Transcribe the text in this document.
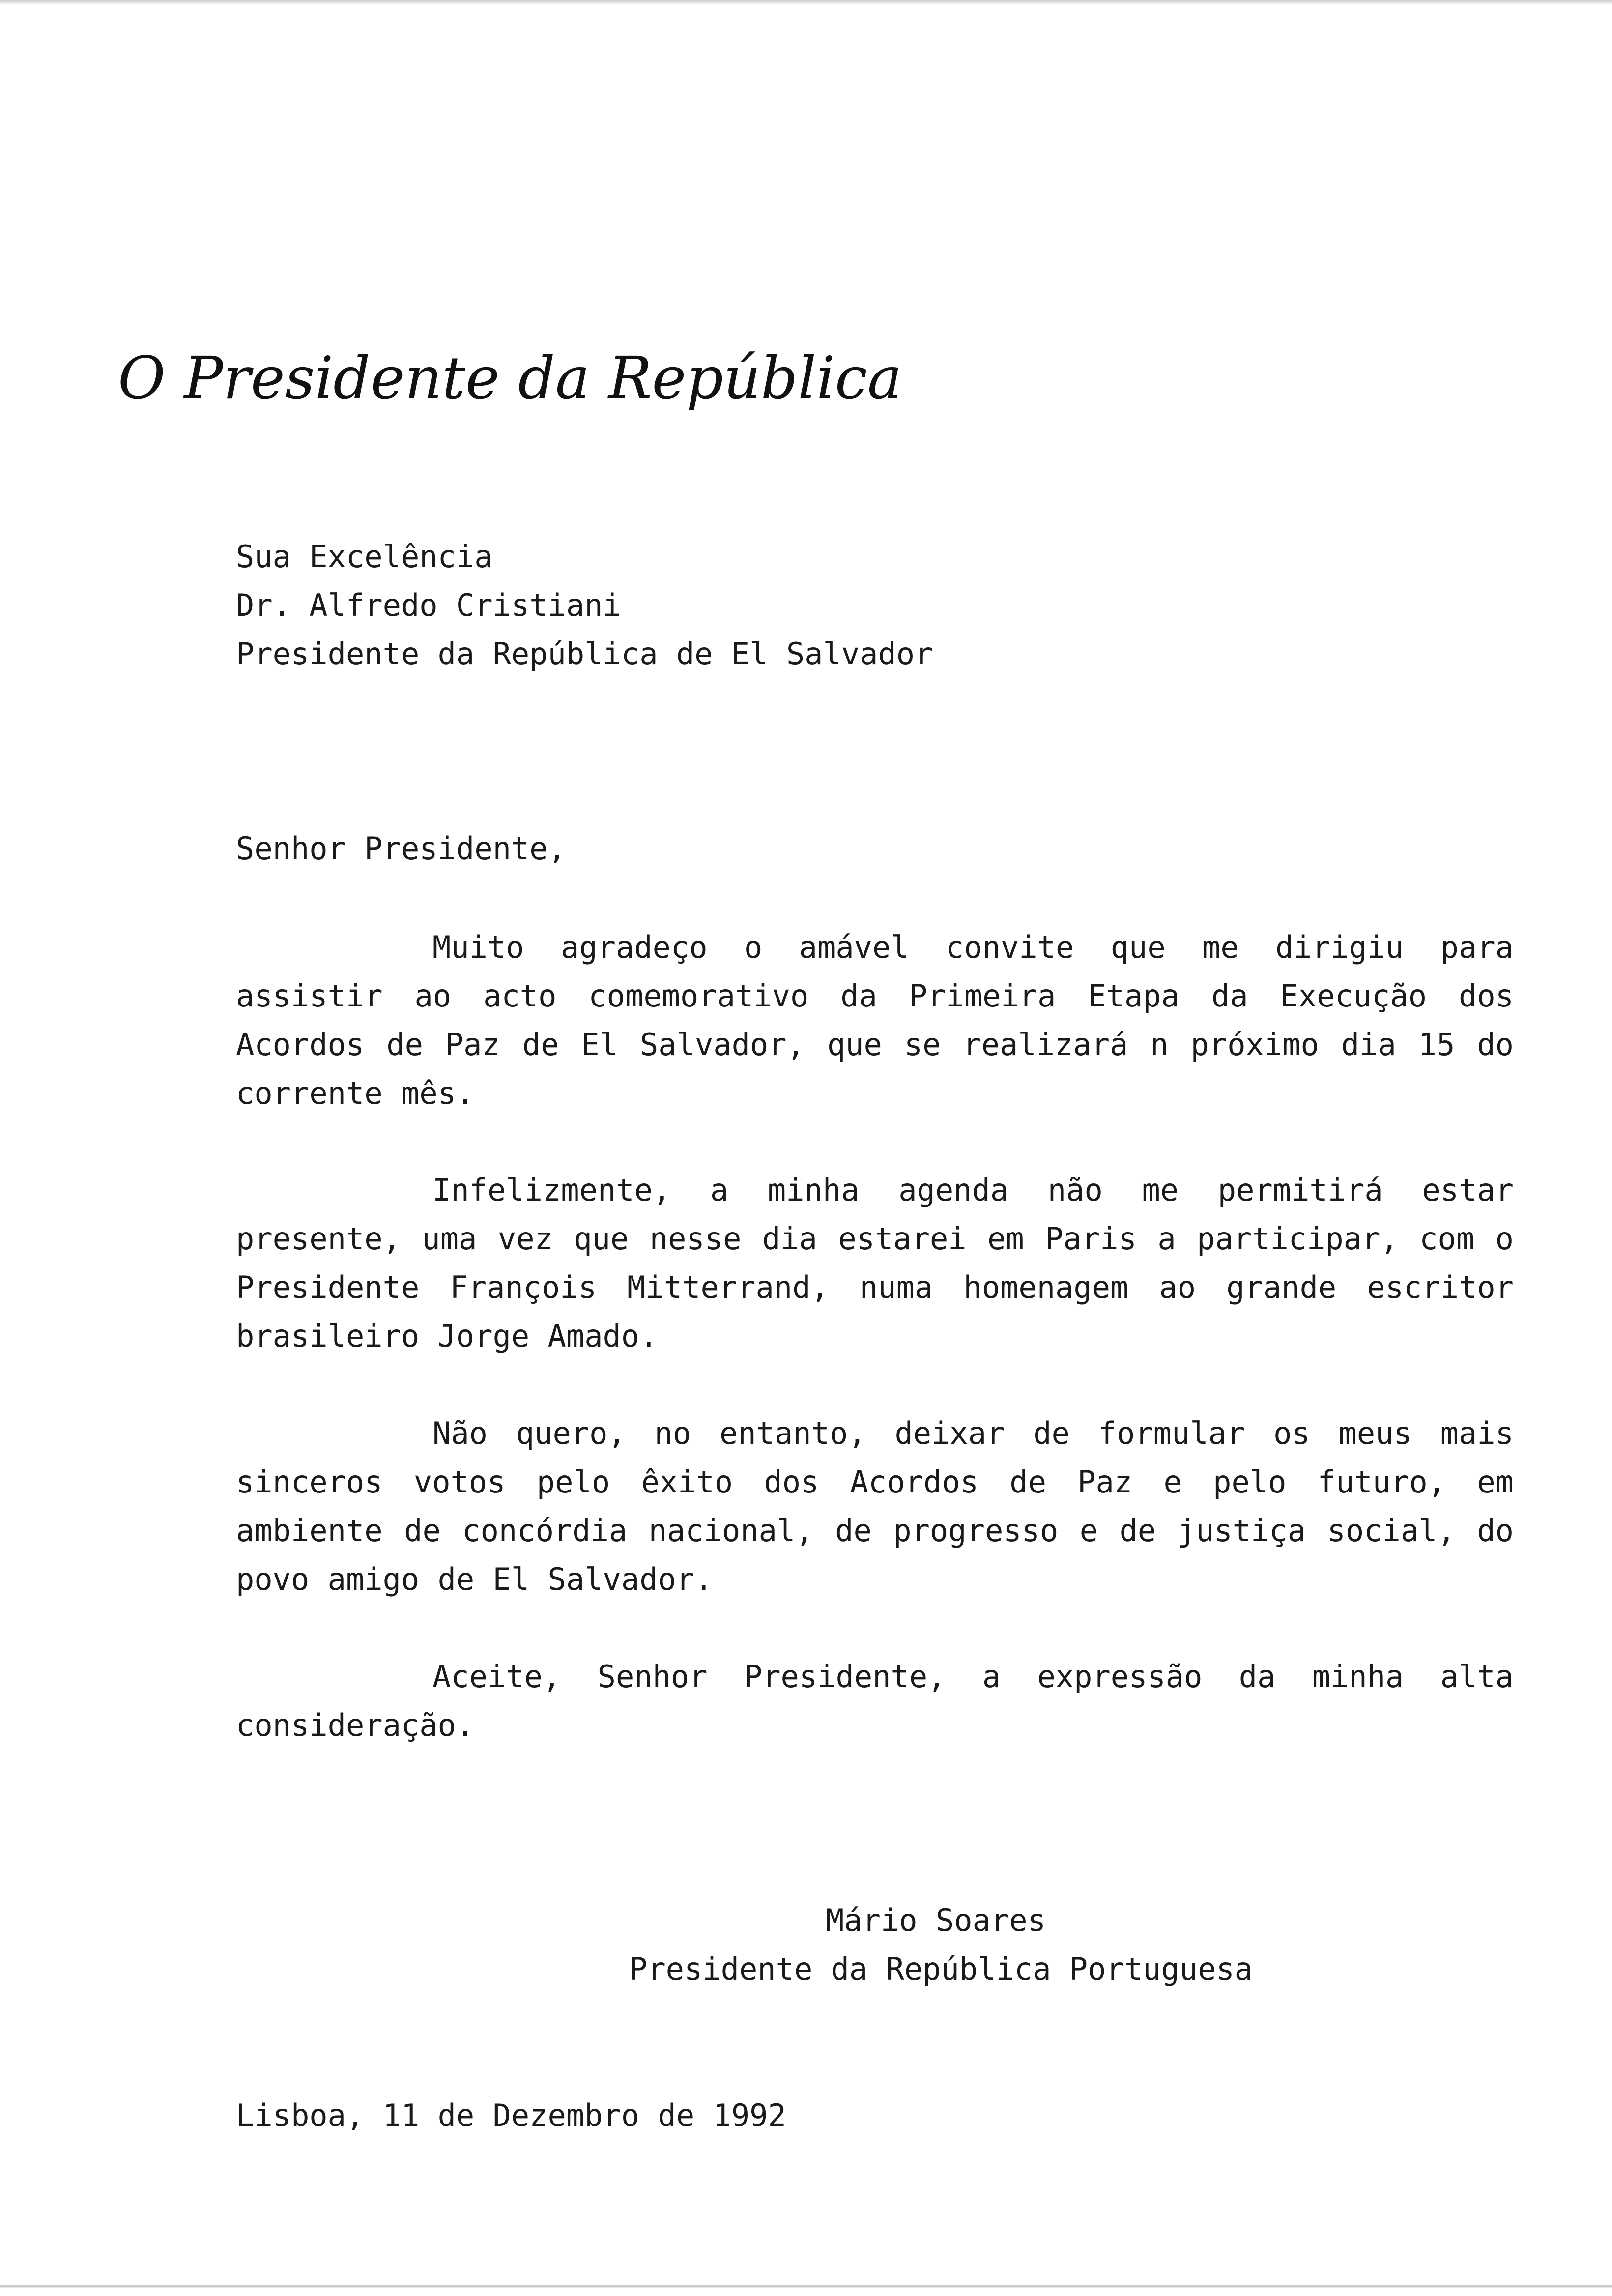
O Presidente da República
Sua Excelência
Dr. Alfredo Cristiani
Presidente da República de El Salvador
Senhor Presidente,
Muito agradeço o amável convite que me dirigiu para assistir ao acto comemorativo da Primeira Etapa da Execução dos Acordos de Paz de El Salvador, que se realizará n próximo dia 15 do corrente mês.
Infelizmente, a minha agenda não me permitirá estar presente, uma vez que nesse dia estarei em Paris a participar, com o Presidente François Mitterrand, numa homenagem ao grande escritor brasileiro Jorge Amado.
Não quero, no entanto, deixar de formular os meus mais sinceros votos pelo êxito dos Acordos de Paz e pelo futuro, em ambiente de concórdia nacional, de progresso e de justiça social, do povo amigo de El Salvador.
Aceite, Senhor Presidente, a expressão da minha alta consideração.
Mário Soares
Presidente da República Portuguesa
Lisboa, 11 de Dezembro de 1992
